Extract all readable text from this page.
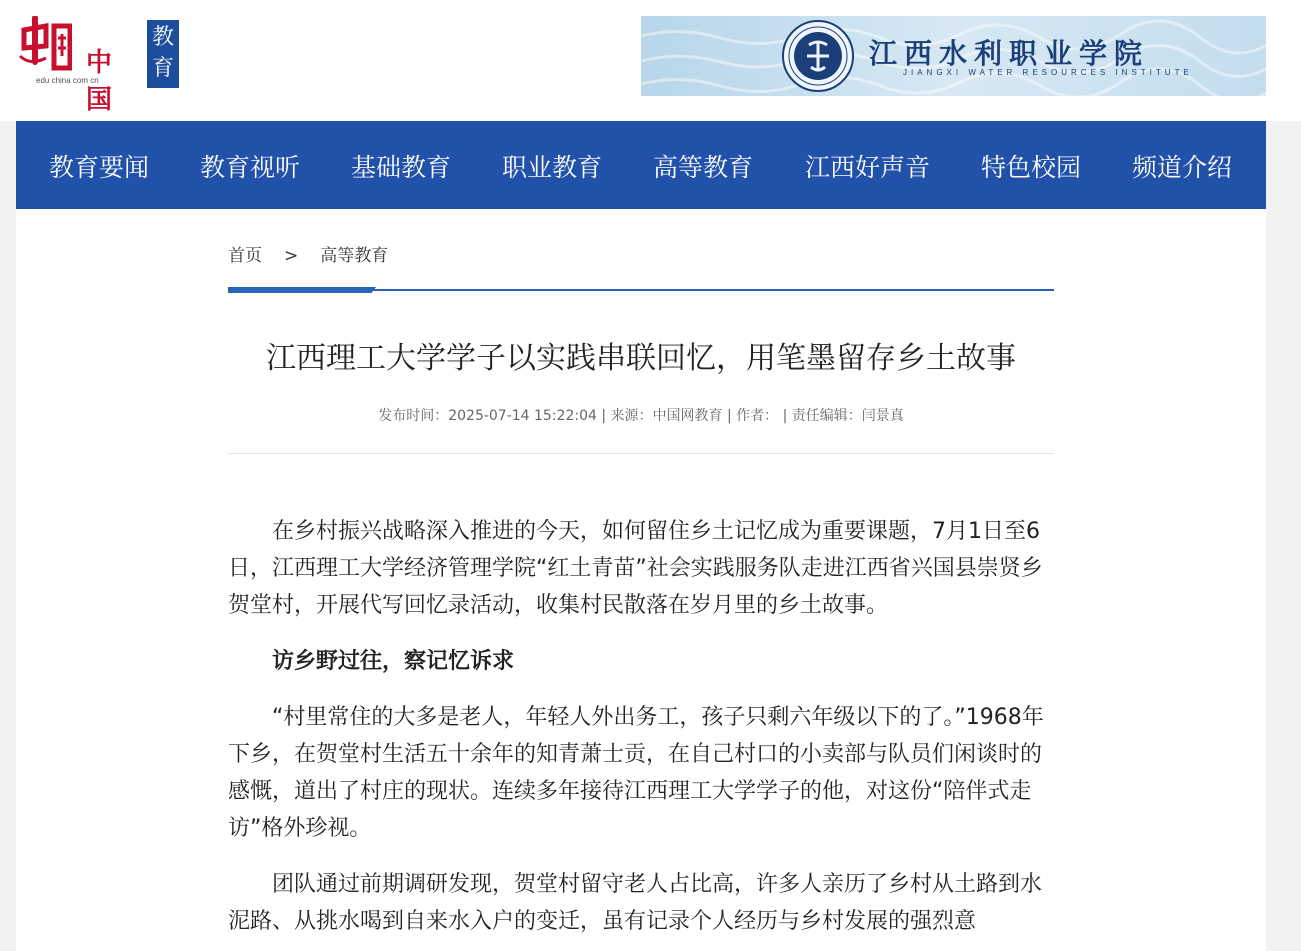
中国
edu china com cn
教育	江西水利职业学院
JIANGXI WATER RESOURCES INSTITUTE
教育要闻 教育视听 基础教育 职业教育 高等教育 江西好声音 特色校园 频道介绍
首页 > 高等教育
江西理工大学学子以实践串联回忆，用笔墨留存乡土故事
发布时间：2025-07-14 15:22:04 | 来源：中国网教育 | 作者： | 责任编辑：闫景真

在乡村振兴战略深入推进的今天，如何留住乡土记忆成为重要课题，7月1日至6日，江西理工大学经济管理学院“红土青苗”社会实践服务队走进江西省兴国县崇贤乡贺堂村，开展代写回忆录活动，收集村民散落在岁月里的乡土故事。

访乡野过往，察记忆诉求

“村里常住的大多是老人，年轻人外出务工，孩子只剩六年级以下的了。”1968年下乡，在贺堂村生活五十余年的知青萧士贡，在自己村口的小卖部与队员们闲谈时的感慨，道出了村庄的现状。连续多年接待江西理工大学学子的他，对这份“陪伴式走访”格外珍视。

团队通过前期调研发现，贺堂村留守老人占比高，许多人亲历了乡村从土路到水泥路、从挑水喝到自来水入户的变迁，虽有记录个人经历与乡村发展的强烈意
